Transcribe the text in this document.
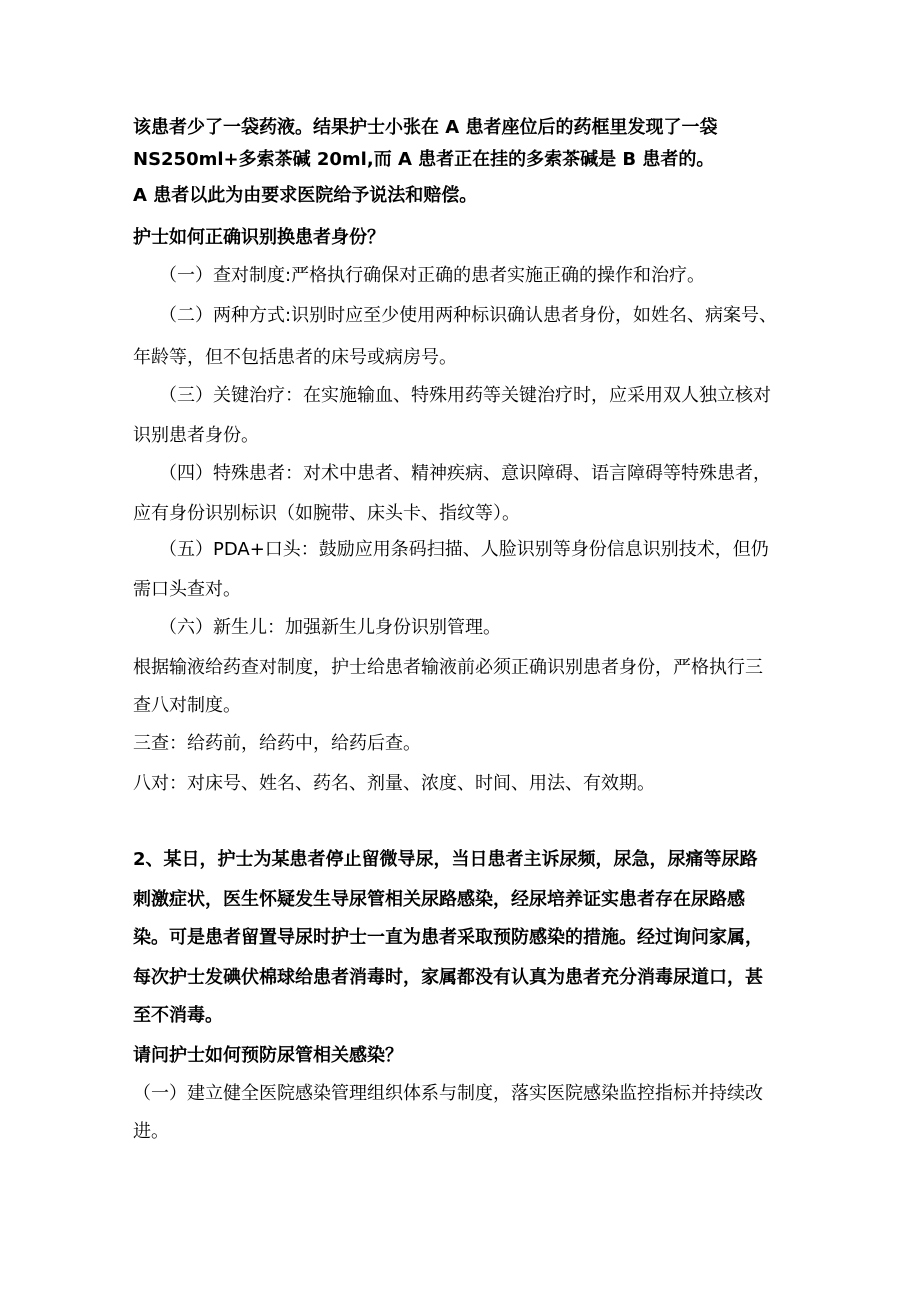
该患者少了一袋药液。结果护士小张在 A 患者座位后的药框里发现了一袋
NS250ml+多索茶碱 20ml,而 A 患者正在挂的多索茶碱是 B 患者的。
A 患者以此为由要求医院给予说法和赔偿。
护士如何正确识别换患者身份？
（一）查对制度:严格执行确保对正确的患者实施正确的操作和治疗。
（二）两种方式:识别时应至少使用两种标识确认患者身份，如姓名、病案号、
年龄等，但不包括患者的床号或病房号。
（三）关键治疗：在实施输血、特殊用药等关键治疗时，应采用双人独立核对
识别患者身份。
（四）特殊患者：对术中患者、精神疾病、意识障碍、语言障碍等特殊患者，
应有身份识别标识（如腕带、床头卡、指纹等）。
（五）PDA+口头：鼓励应用条码扫描、人脸识别等身份信息识别技术，但仍
需口头查对。
（六）新生儿：加强新生儿身份识别管理。
根据输液给药查对制度，护士给患者输液前必须正确识别患者身份，严格执行三
查八对制度。
三查：给药前，给药中，给药后查。
八对：对床号、姓名、药名、剂量、浓度、时间、用法、有效期。
2、某日，护士为某患者停止留微导尿，当日患者主诉尿频，尿急，尿痛等尿路
刺激症状，医生怀疑发生导尿管相关尿路感染，经尿培养证实患者存在尿路感
染。可是患者留置导尿时护士一直为患者采取预防感染的措施。经过询问家属，
每次护士发碘伏棉球给患者消毒时，家属都没有认真为患者充分消毒尿道口，甚
至不消毒。
请问护士如何预防尿管相关感染？
（一）建立健全医院感染管理组织体系与制度，落实医院感染监控指标并持续改
进。
